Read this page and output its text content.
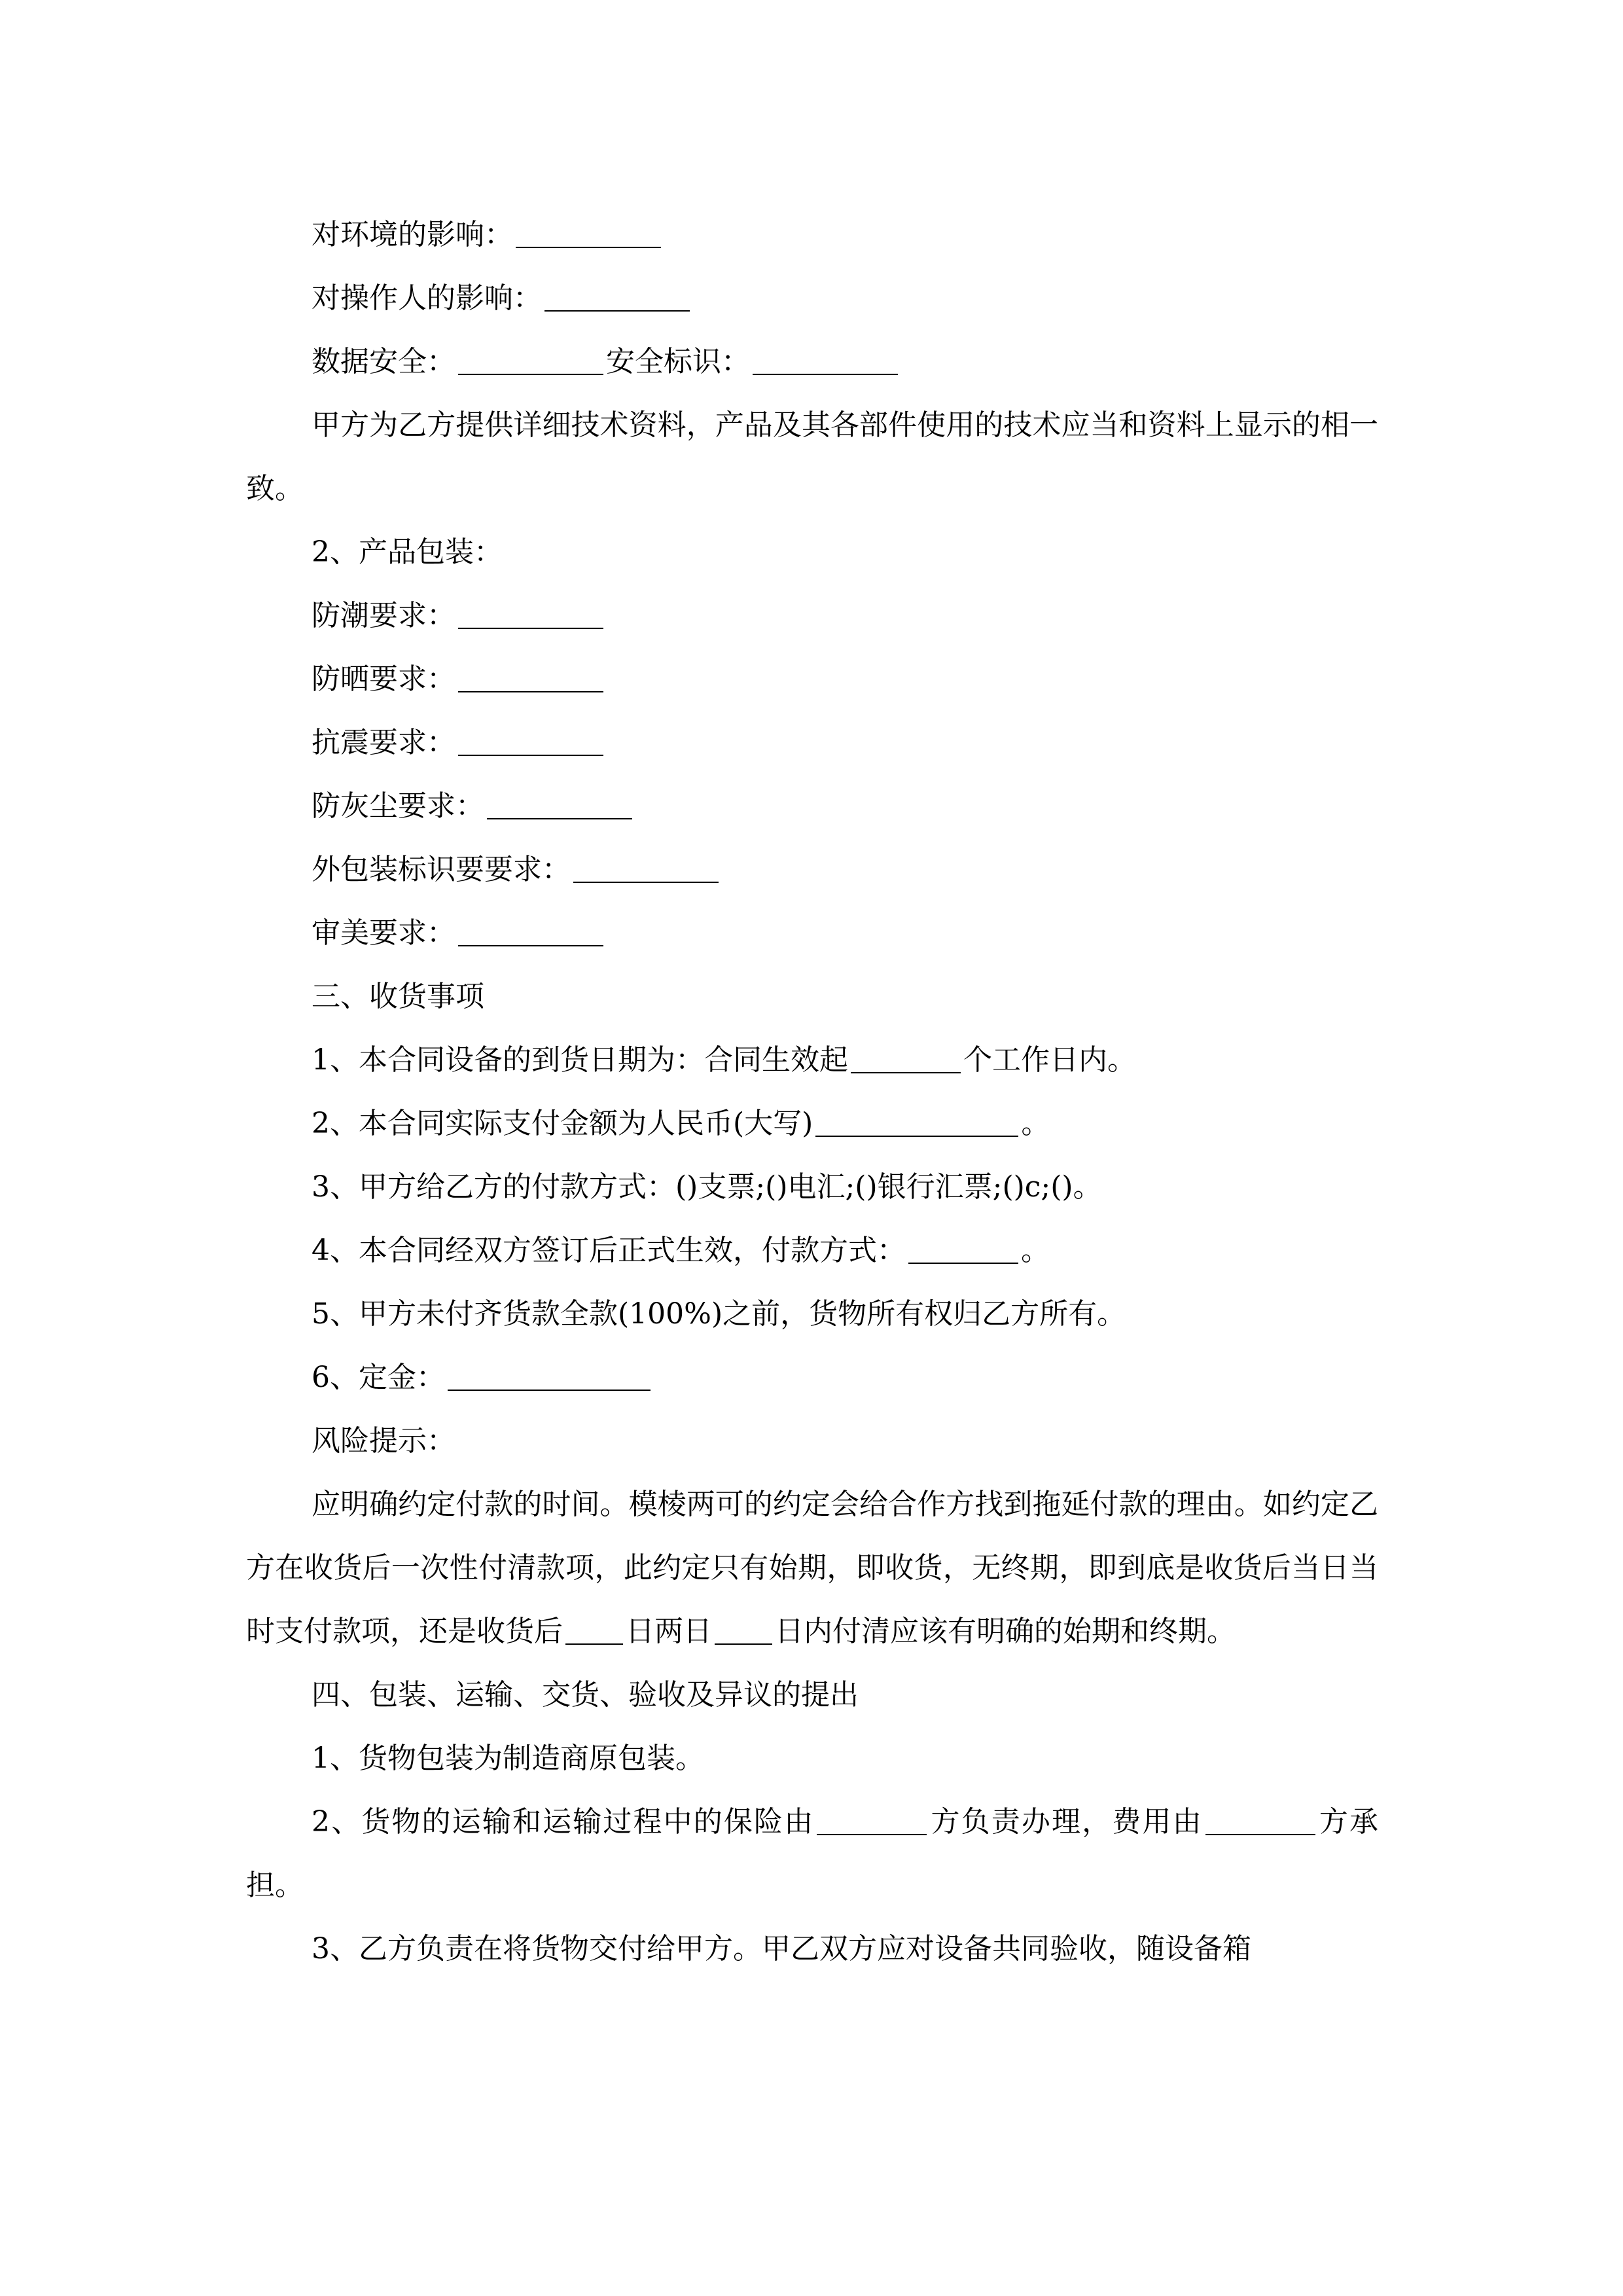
对环境的影响：

对操作人的影响：

数据安全：	安全标识：

甲方为乙方提供详细技术资料，产品及其各部件使用的技术应当和资料上显示的相一致。

2、产品包装：

防潮要求：

防晒要求：

抗震要求：

防灰尘要求：

外包装标识要要求：

审美要求：

三、收货事项

1、本合同设备的到货日期为：合同生效起	个工作日内。

2、本合同实际支付金额为人民币(大写)	。

3、甲方给乙方的付款方式：()支票;()电汇;()银行汇票;()c;()。

4、本合同经双方签订后正式生效，付款方式：	。

5、甲方未付齐货款全款(100%)之前，货物所有权归乙方所有。

6、定金：

风险提示：

应明确约定付款的时间。模棱两可的约定会给合作方找到拖延付款的理由。如约定乙方在收货后一次性付清款项，此约定只有始期，即收货，无终期，即到底是收货后当日当时支付款项，还是收货后 日两日 日内付清应该有明确的始期和终期。

四、包装、运输、交货、验收及异议的提出

1、货物包装为制造商原包装。

2、货物的运输和运输过程中的保险由	方负责办理，费用由	方承担。

3、乙方负责在将货物交付给甲方。甲乙双方应对设备共同验收，随设备箱
